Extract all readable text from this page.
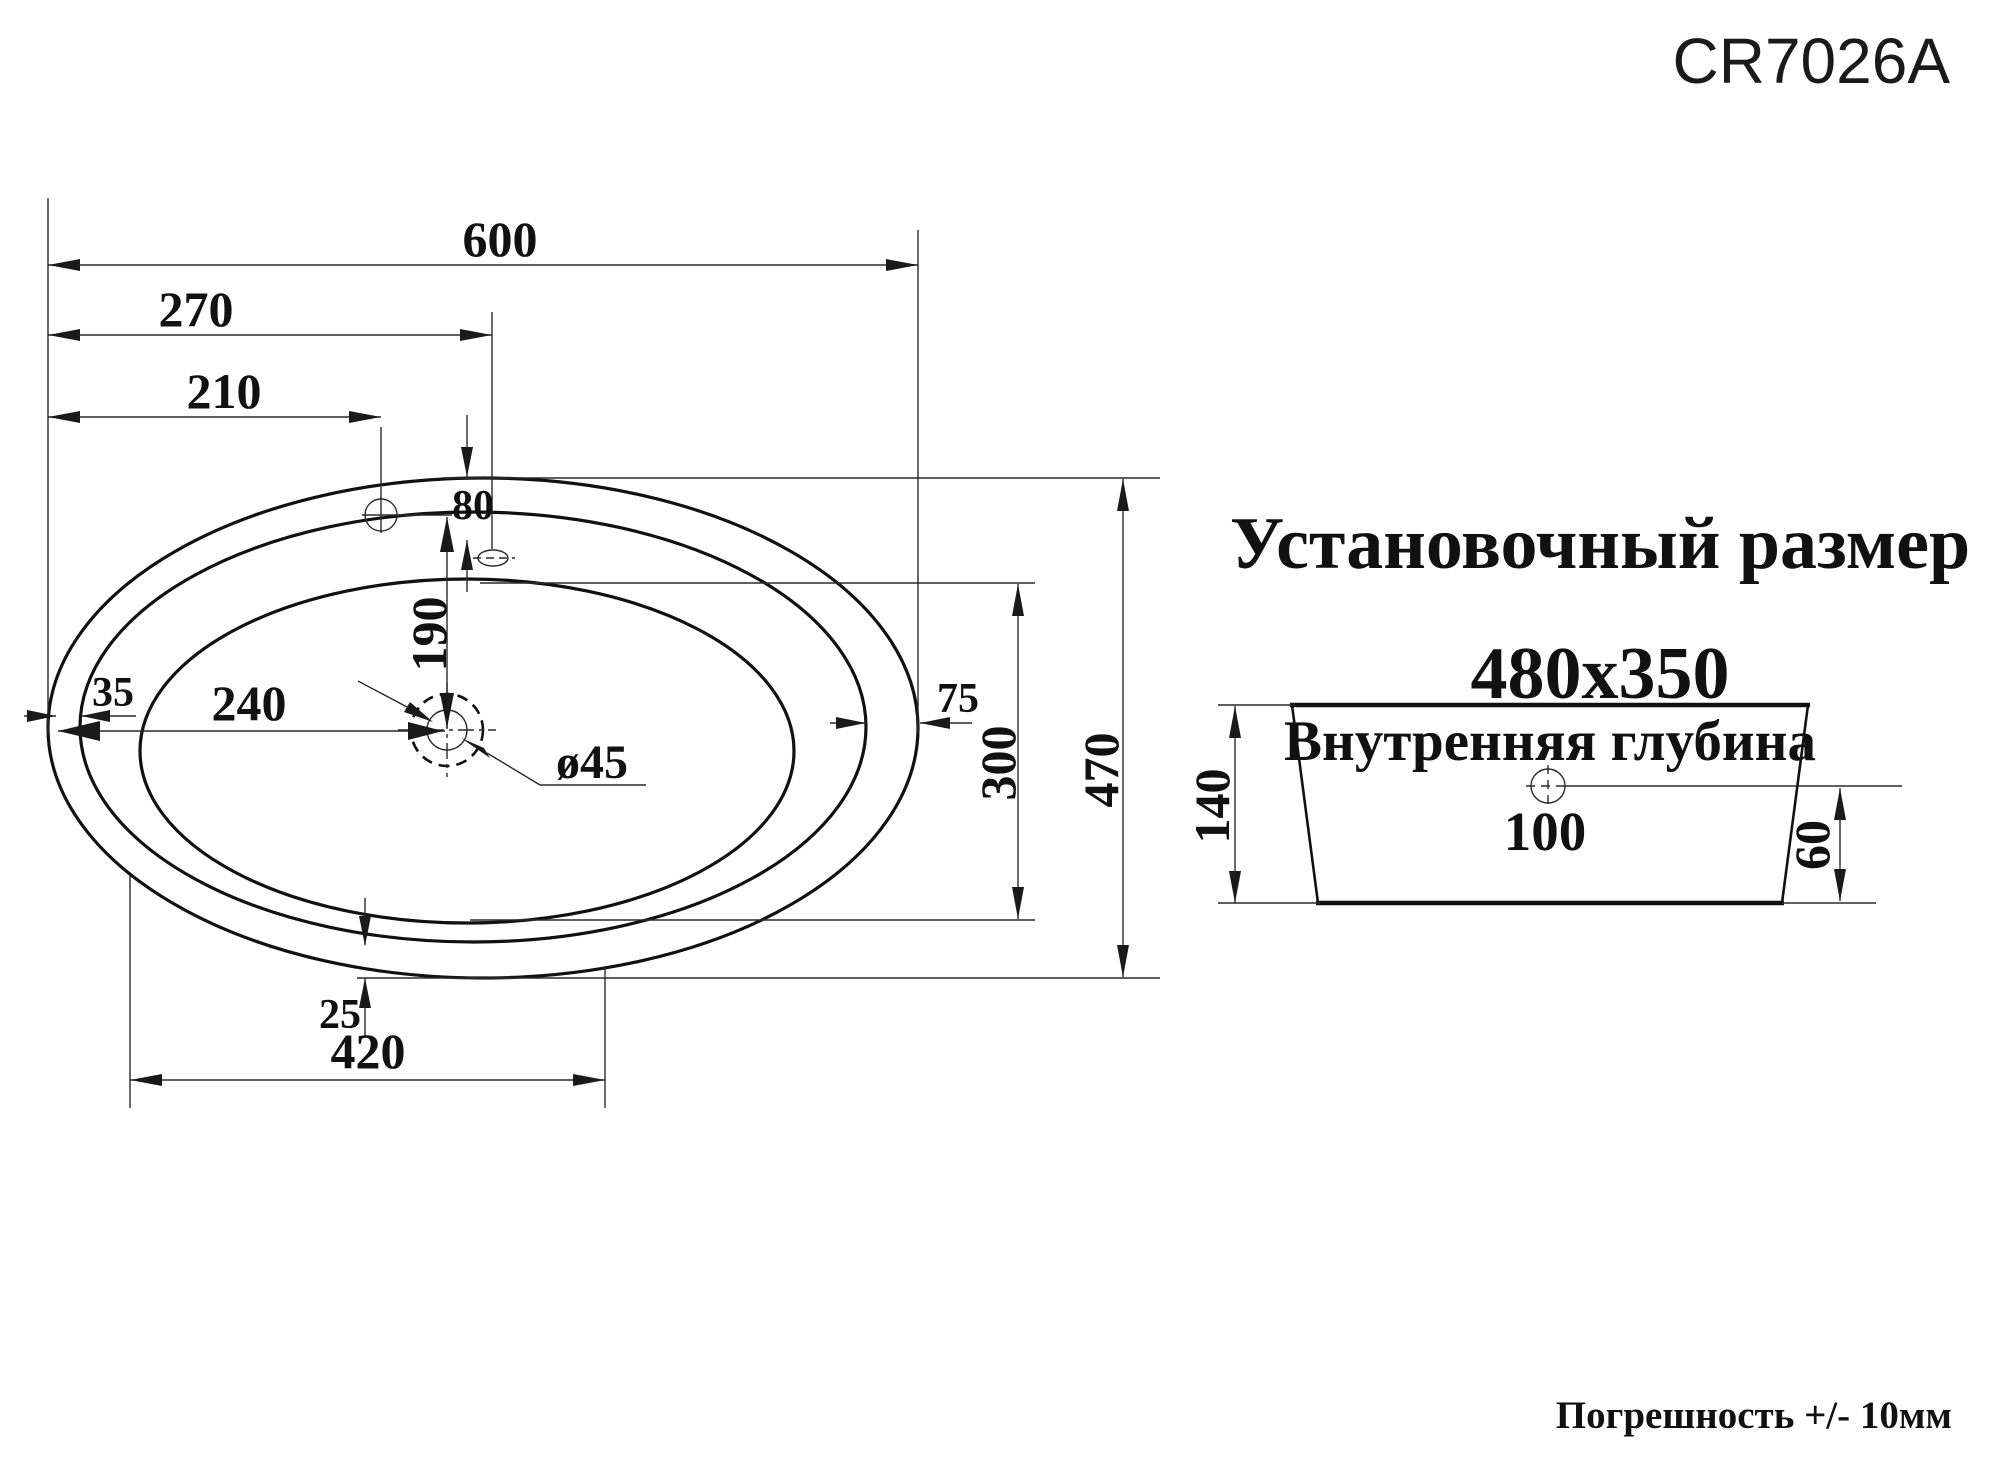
600
270
210
80
190
240
35	75
300 470
25
420
ø45	Внутренняя глубина
100
140
60
CR7026A
Установочный размер
480x350
Погрешность +/- 10мм
